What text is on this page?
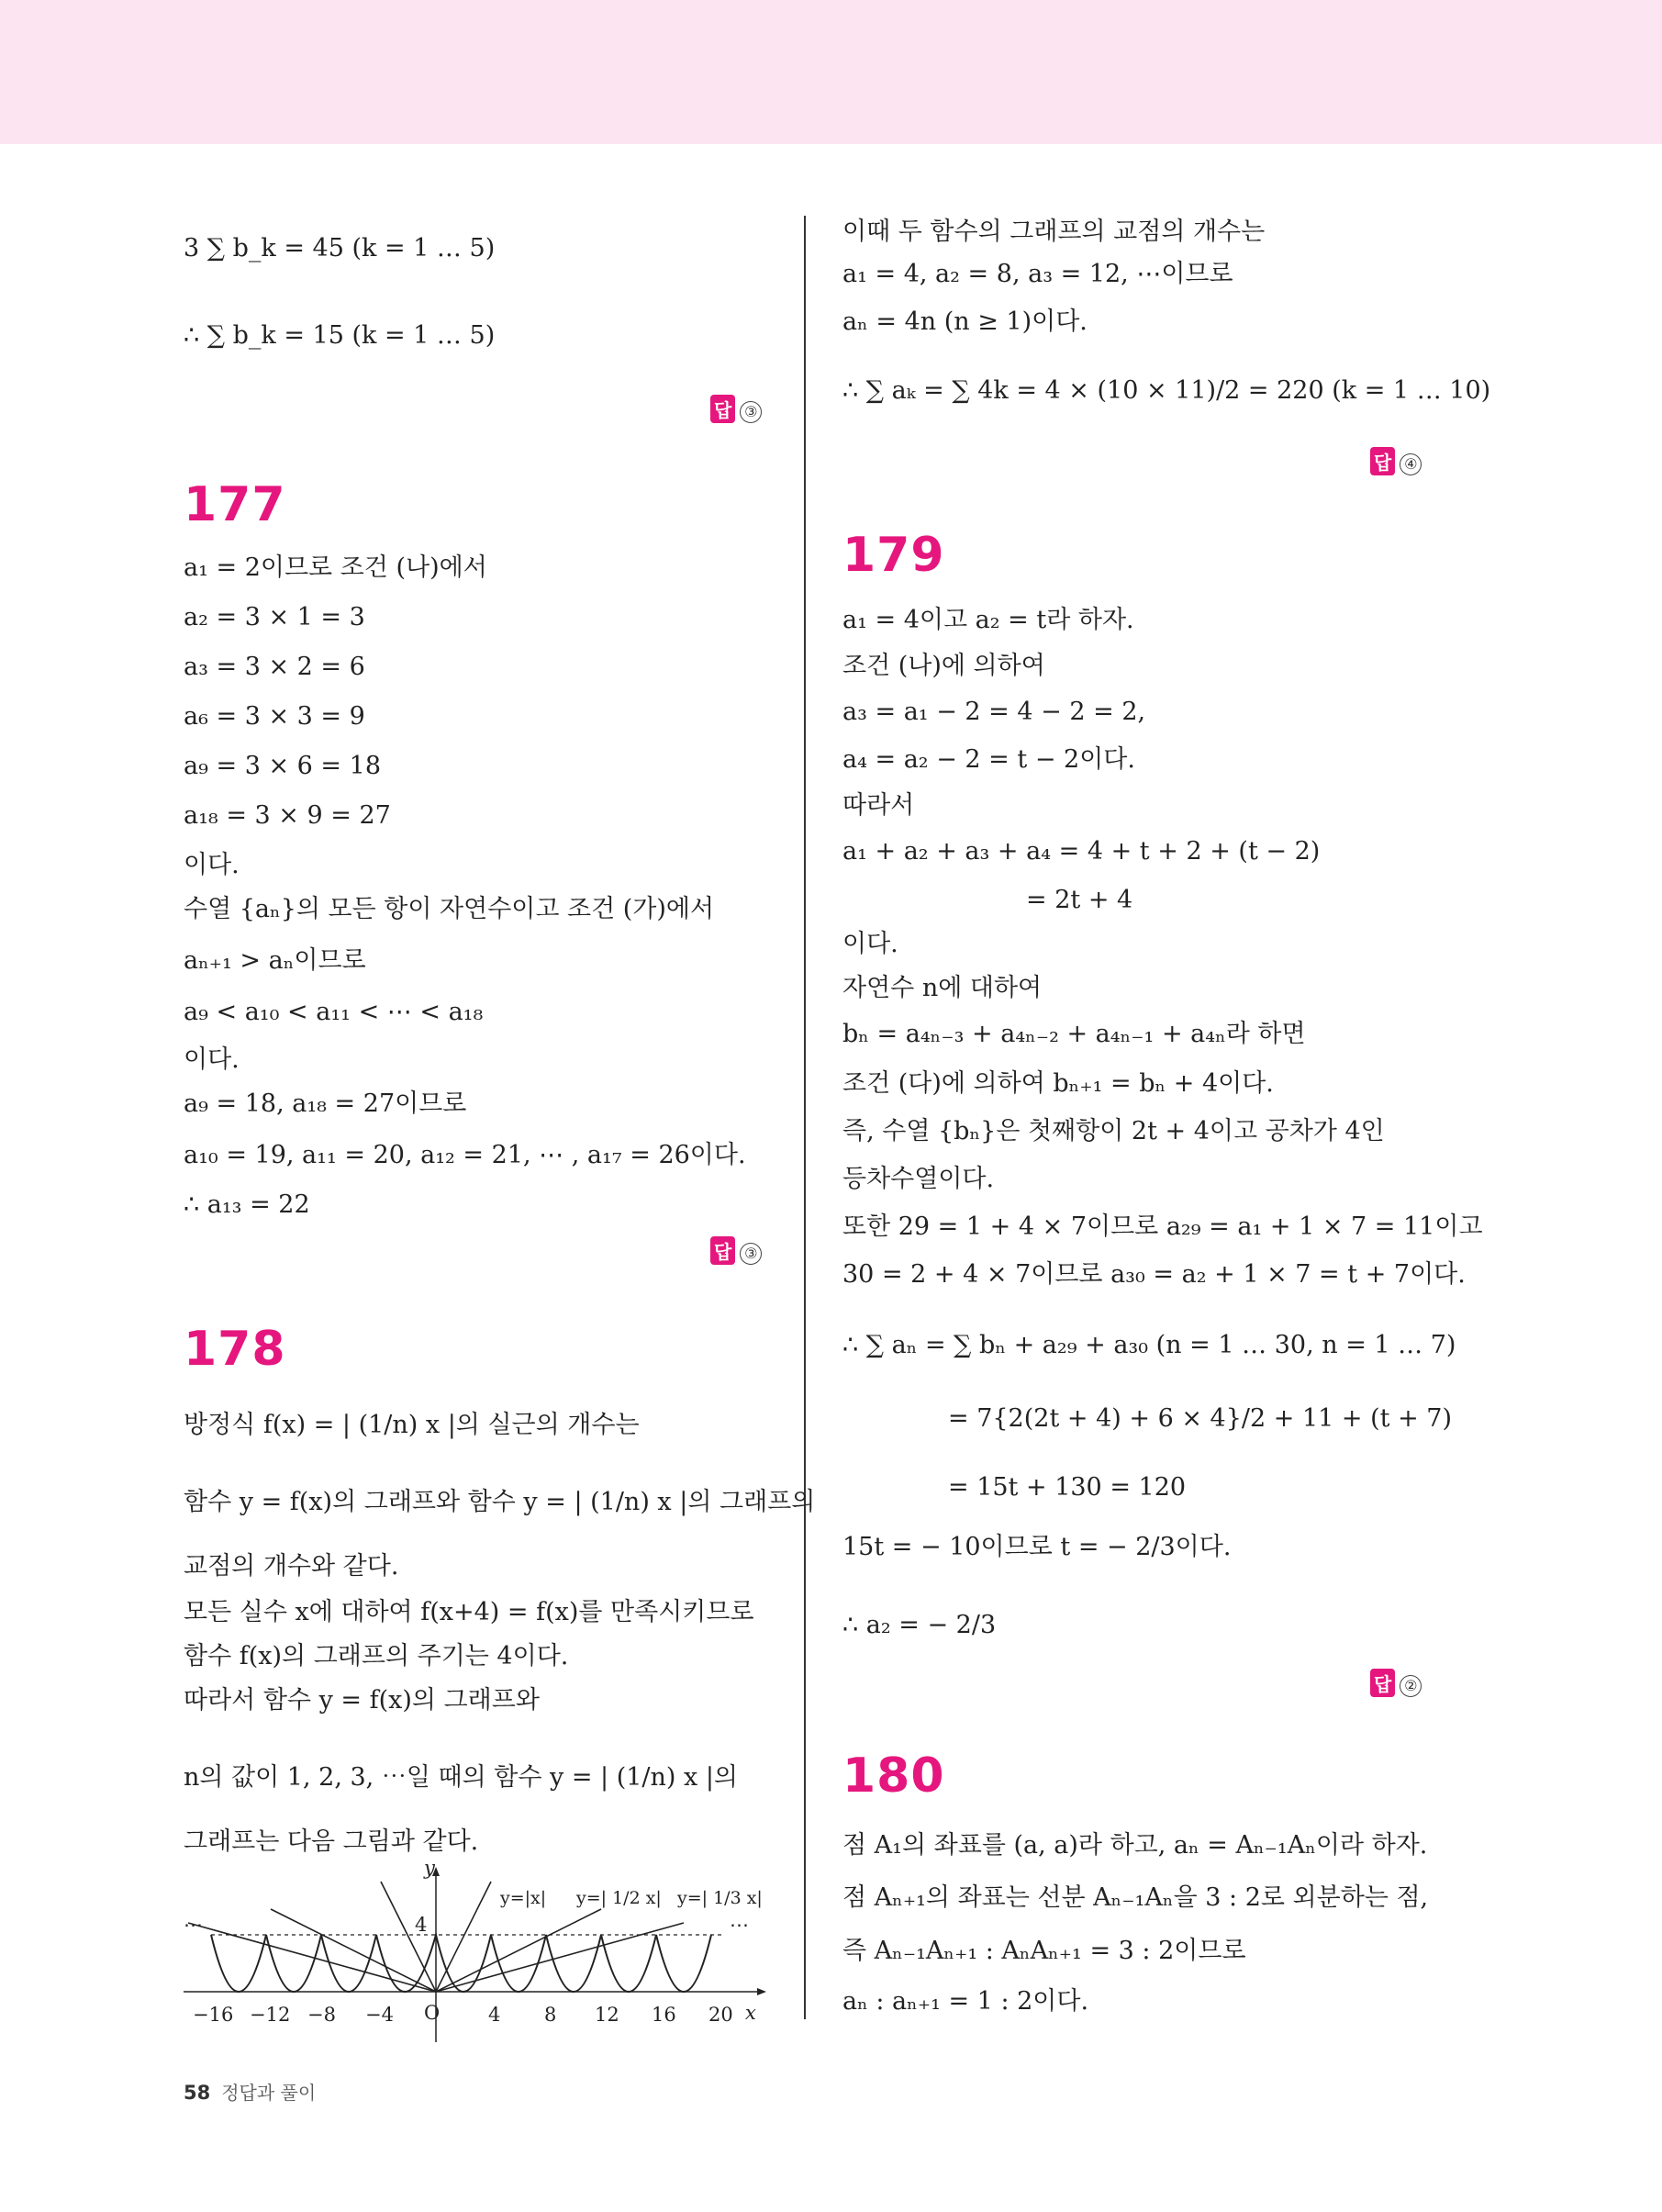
3 ∑ b_k = 45 (k = 1 … 5)
∴ ∑ b_k = 15 (k = 1 … 5)
답 ③
177
a₁ = 2이므로 조건 (나)에서
a₂ = 3 × 1 = 3
a₃ = 3 × 2 = 6
a₆ = 3 × 3 = 9
a₉ = 3 × 6 = 18
a₁₈ = 3 × 9 = 27
이다.
수열 {aₙ}의 모든 항이 자연수이고 조건 (가)에서
aₙ₊₁ > aₙ이므로
a₉ < a₁₀ < a₁₁ < ⋯ < a₁₈
이다.
a₉ = 18, a₁₈ = 27이므로
a₁₀ = 19, a₁₁ = 20, a₁₂ = 21, ⋯ , a₁₇ = 26이다.
∴ a₁₃ = 22
답 ③
178
방정식 f(x) = | (1/n) x |의 실근의 개수는
함수 y = f(x)의 그래프와 함수 y = | (1/n) x |의 그래프의
교점의 개수와 같다.
모든 실수 x에 대하여 f(x+4) = f(x)를 만족시키므로
함수 f(x)의 그래프의 주기는 4이다.
따라서 함수 y = f(x)의 그래프와
n의 값이 1, 2, 3, ⋯일 때의 함수 y = | (1/n) x |의
그래프는 다음 그림과 같다.
⋯	⋯
4
y
x
−16 −12 −8 −4 O	4 8 12 16 20
y=|x| y=| 1/2 x| y=| 1/3 x|
이때 두 함수의 그래프의 교점의 개수는
a₁ = 4, a₂ = 8, a₃ = 12, ⋯이므로
aₙ = 4n (n ≥ 1)이다.
∴ ∑ aₖ = ∑ 4k = 4 × (10 × 11)/2 = 220 (k = 1 … 10)
답 ④
179
a₁ = 4이고 a₂ = t라 하자.
조건 (나)에 의하여
a₃ = a₁ − 2 = 4 − 2 = 2,
a₄ = a₂ − 2 = t − 2이다.
따라서
a₁ + a₂ + a₃ + a₄ = 4 + t + 2 + (t − 2)
= 2t + 4
이다.
자연수 n에 대하여
bₙ = a₄ₙ₋₃ + a₄ₙ₋₂ + a₄ₙ₋₁ + a₄ₙ라 하면
조건 (다)에 의하여 bₙ₊₁ = bₙ + 4이다.
즉, 수열 {bₙ}은 첫째항이 2t + 4이고 공차가 4인
등차수열이다.
또한 29 = 1 + 4 × 7이므로 a₂₉ = a₁ + 1 × 7 = 11이고
30 = 2 + 4 × 7이므로 a₃₀ = a₂ + 1 × 7 = t + 7이다.
∴ ∑ aₙ = ∑ bₙ + a₂₉ + a₃₀ (n = 1 … 30, n = 1 … 7)
= 7{2(2t + 4) + 6 × 4}/2 + 11 + (t + 7)
= 15t + 130 = 120
15t = − 10이므로 t = − 2/3이다.
∴ a₂ = − 2/3
답 ②
180
점 A₁의 좌표를 (a, a)라 하고, aₙ = Aₙ₋₁Aₙ이라 하자.
점 Aₙ₊₁의 좌표는 선분 Aₙ₋₁Aₙ을 3 : 2로 외분하는 점,
즉 Aₙ₋₁Aₙ₊₁ : AₙAₙ₊₁ = 3 : 2이므로
aₙ : aₙ₊₁ = 1 : 2이다.
58 정답과 풀이
